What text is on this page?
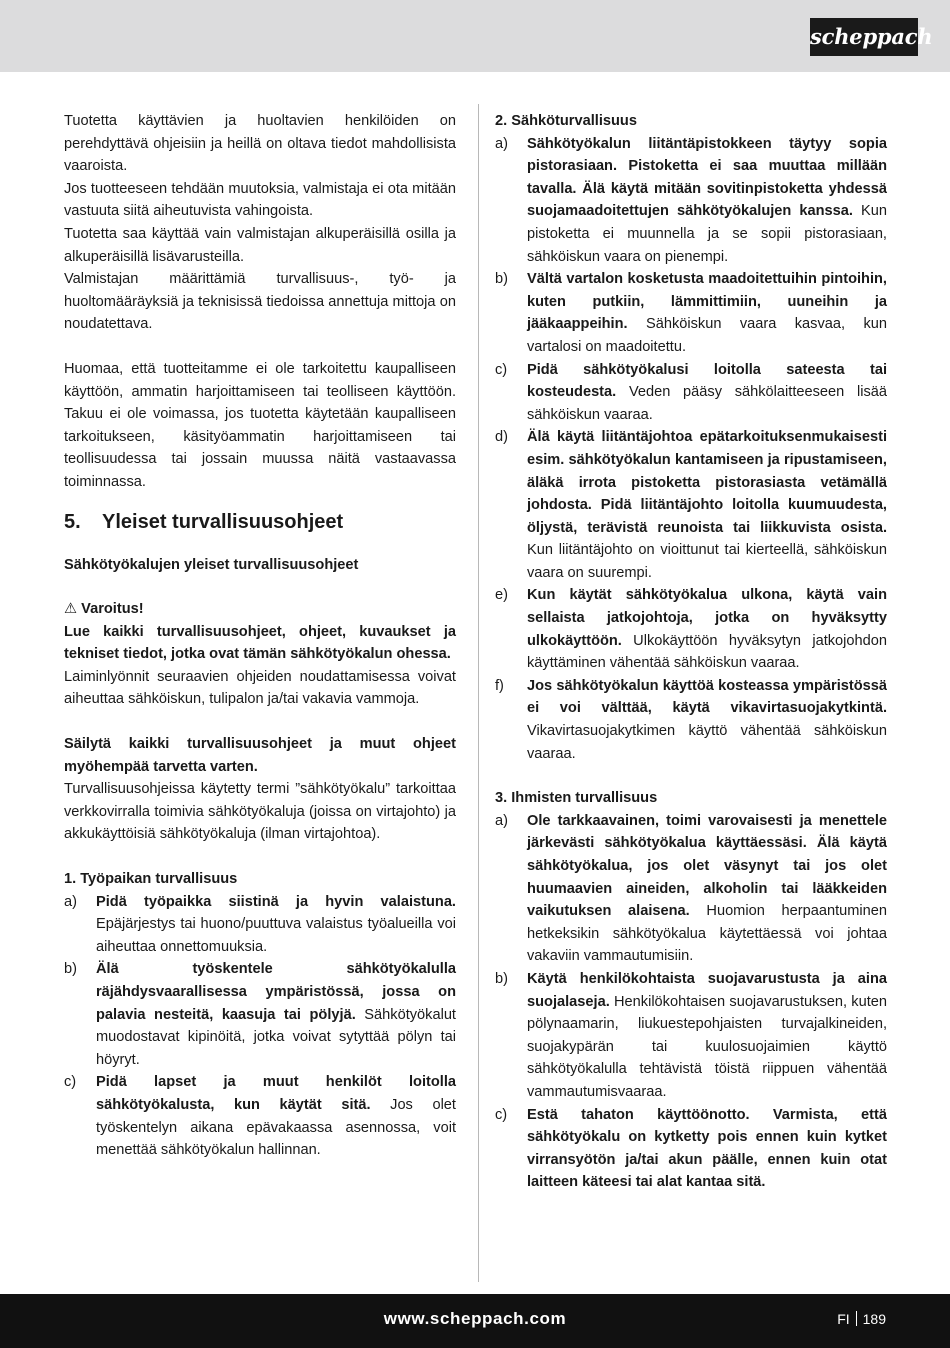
scheppach

Tuotetta käyttävien ja huoltavien henkilöiden on perehdyttävä ohjeisiin ja heillä on oltava tiedot mahdollisista vaaroista.

Jos tuotteeseen tehdään muutoksia, valmistaja ei ota mitään vastuuta siitä aiheutuvista vahingoista.

Tuotetta saa käyttää vain valmistajan alkuperäisillä osilla ja alkuperäisillä lisävarusteilla.

Valmistajan määrittämiä turvallisuus-, työ- ja huoltomääräyksiä ja teknisissä tiedoissa annettuja mittoja on noudatettava.

Huomaa, että tuotteitamme ei ole tarkoitettu kaupalliseen käyttöön, ammatin harjoittamiseen tai teolliseen käyttöön. Takuu ei ole voimassa, jos tuotetta käytetään kaupalliseen tarkoitukseen, käsityöammatin harjoittamiseen tai teollisuudessa tai jossain muussa näitä vastaavassa toiminnassa.

5. Yleiset turvallisuusohjeet

Sähkötyökalujen yleiset turvallisuusohjeet

⚠ Varoitus!

Lue kaikki turvallisuusohjeet, ohjeet, kuvaukset ja tekniset tiedot, jotka ovat tämän sähkötyökalun ohessa.

Laiminlyönnit seuraavien ohjeiden noudattamisessa voivat aiheuttaa sähköiskun, tulipalon ja/tai vakavia vammoja.

Säilytä kaikki turvallisuusohjeet ja muut ohjeet myöhempää tarvetta varten.

Turvallisuusohjeissa käytetty termi ”sähkötyökalu” tarkoittaa verkkovirralla toimivia sähkötyökaluja (joissa on virtajohto) ja akkukäyttöisiä sähkötyökaluja (ilman virtajohtoa).

1. Työpaikan turvallisuus

a) Pidä työpaikka siistinä ja hyvin valaistuna. Epäjärjestys tai huono/puuttuva valaistus työalueilla voi aiheuttaa onnettomuuksia.
b) Älä työskentele sähkötyökalulla räjähdysvaarallisessa ympäristössä, jossa on palavia nesteitä, kaasuja tai pölyjä. Sähkötyökalut muodostavat kipinöitä, jotka voivat sytyttää pölyn tai höyryt.
c) Pidä lapset ja muut henkilöt loitolla sähkötyökalusta, kun käytät sitä. Jos olet työskentelyn aikana epävakaassa asennossa, voit menettää sähkötyökalun hallinnan.

2. Sähköturvallisuus

a) Sähkötyökalun liitäntäpistokkeen täytyy sopia pistorasiaan. Pistoketta ei saa muuttaa millään tavalla. Älä käytä mitään sovitinpistoketta yhdessä suojamaadoitettujen sähkötyökalujen kanssa. Kun pistoketta ei muunnella ja se sopii pistorasiaan, sähköiskun vaara on pienempi.
b) Vältä vartalon kosketusta maadoitettuihin pintoihin, kuten putkiin, lämmittimiin, uuneihin ja jääkaappeihin. Sähköiskun vaara kasvaa, kun vartalosi on maadoitettu.
c) Pidä sähkötyökalusi loitolla sateesta tai kosteudesta. Veden pääsy sähkölaitteeseen lisää sähköiskun vaaraa.
d) Älä käytä liitäntäjohtoa epätarkoituksenmukaisesti esim. sähkötyökalun kantamiseen ja ripustamiseen, äläkä irrota pistoketta pistorasiasta vetämällä johdosta. Pidä liitäntäjohto loitolla kuumuudesta, öljystä, terävistä reunoista tai liikkuvista osista. Kun liitäntäjohto on vioittunut tai kierteellä, sähköiskun vaara on suurempi.
e) Kun käytät sähkötyökalua ulkona, käytä vain sellaista jatkojohtoja, jotka on hyväksytty ulkokäyttöön. Ulkokäyttöön hyväksytyn jatkojohdon käyttäminen vähentää sähköiskun vaaraa.
f) Jos sähkötyökalun käyttöä kosteassa ympäristössä ei voi välttää, käytä vikavirtasuojakytkintä. Vikavirtasuojakytkimen käyttö vähentää sähköiskun vaaraa.

3. Ihmisten turvallisuus

a) Ole tarkkaavainen, toimi varovaisesti ja menettele järkevästi sähkötyökalua käyttäessäsi. Älä käytä sähkötyökalua, jos olet väsynyt tai jos olet huumaavien aineiden, alkoholin tai lääkkeiden vaikutuksen alaisena. Huomion herpaantuminen hetkeksikin sähkötyökalua käytettäessä voi johtaa vakaviin vammautumisiin.
b) Käytä henkilökohtaista suojavarustusta ja aina suojalaseja. Henkilökohtaisen suojavarustuksen, kuten pölynaamarin, liukuestepohjaisten turvajalkineiden, suojakypärän tai kuulosuojaimien käyttö sähkötyökalulla tehtävistä töistä riippuen vähentää vammautumisvaaraa.
c) Estä tahaton käyttöönotto. Varmista, että sähkötyökalu on kytketty pois ennen kuin kytket virransyötön ja/tai akun päälle, ennen kuin otat laitteen käteesi tai alat kantaa sitä.
www.scheppach.com	FI 189
